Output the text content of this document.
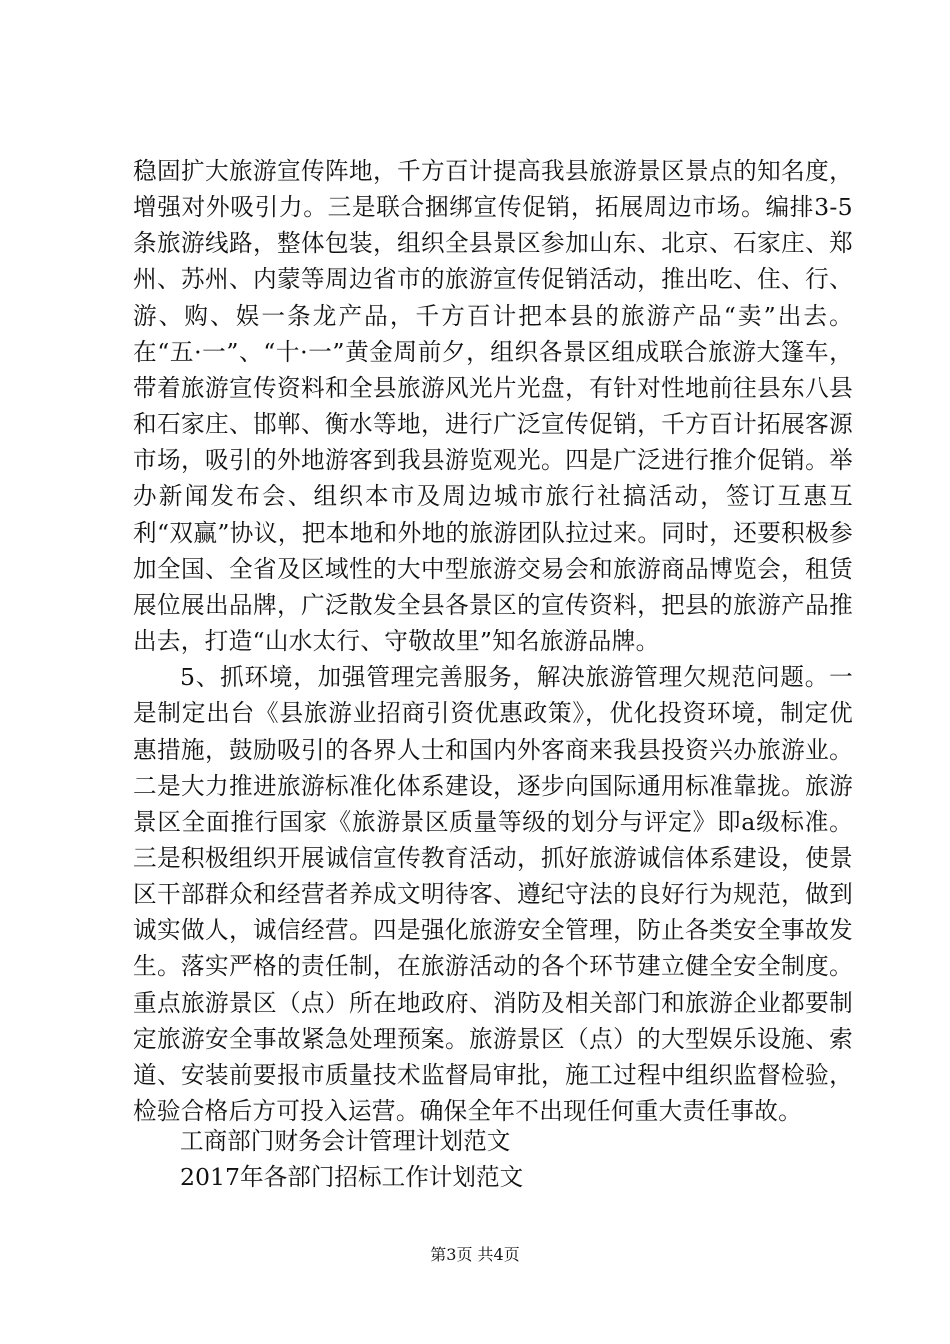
稳固扩大旅游宣传阵地，千方百计提高我县旅游景区景点的知名度，增强对外吸引力。三是联合捆绑宣传促销，拓展周边市场。编排3-5条旅游线路，整体包装，组织全县景区参加山东、北京、石家庄、郑州、苏州、内蒙等周边省市的旅游宣传促销活动，推出吃、住、行、游、购、娱一条龙产品，千方百计把本县的旅游产品“卖”出去。在“五·一”、“十·一”黄金周前夕，组织各景区组成联合旅游大篷车，带着旅游宣传资料和全县旅游风光片光盘，有针对性地前往县东八县和石家庄、邯郸、衡水等地，进行广泛宣传促销，千方百计拓展客源市场，吸引的外地游客到我县游览观光。四是广泛进行推介促销。举办新闻发布会、组织本市及周边城市旅行社搞活动，签订互惠互利“双赢”协议，把本地和外地的旅游团队拉过来。同时，还要积极参加全国、全省及区域性的大中型旅游交易会和旅游商品博览会，租赁展位展出品牌，广泛散发全县各景区的宣传资料，把县的旅游产品推出去，打造“山水太行、守敬故里”知名旅游品牌。

5、抓环境，加强管理完善服务，解决旅游管理欠规范问题。一是制定出台《县旅游业招商引资优惠政策》，优化投资环境，制定优惠措施，鼓励吸引的各界人士和国内外客商来我县投资兴办旅游业。二是大力推进旅游标准化体系建设，逐步向国际通用标准靠拢。旅游景区全面推行国家《旅游景区质量等级的划分与评定》即a级标准。三是积极组织开展诚信宣传教育活动，抓好旅游诚信体系建设，使景区干部群众和经营者养成文明待客、遵纪守法的良好行为规范，做到诚实做人，诚信经营。四是强化旅游安全管理，防止各类安全事故发生。落实严格的责任制，在旅游活动的各个环节建立健全安全制度。重点旅游景区（点）所在地政府、消防及相关部门和旅游企业都要制定旅游安全事故紧急处理预案。旅游景区（点）的大型娱乐设施、索道、安装前要报市质量技术监督局审批，施工过程中组织监督检验，检验合格后方可投入运营。确保全年不出现任何重大责任事故。

工商部门财务会计管理计划范文
2017年各部门招标工作计划范文
第3页 共4页
